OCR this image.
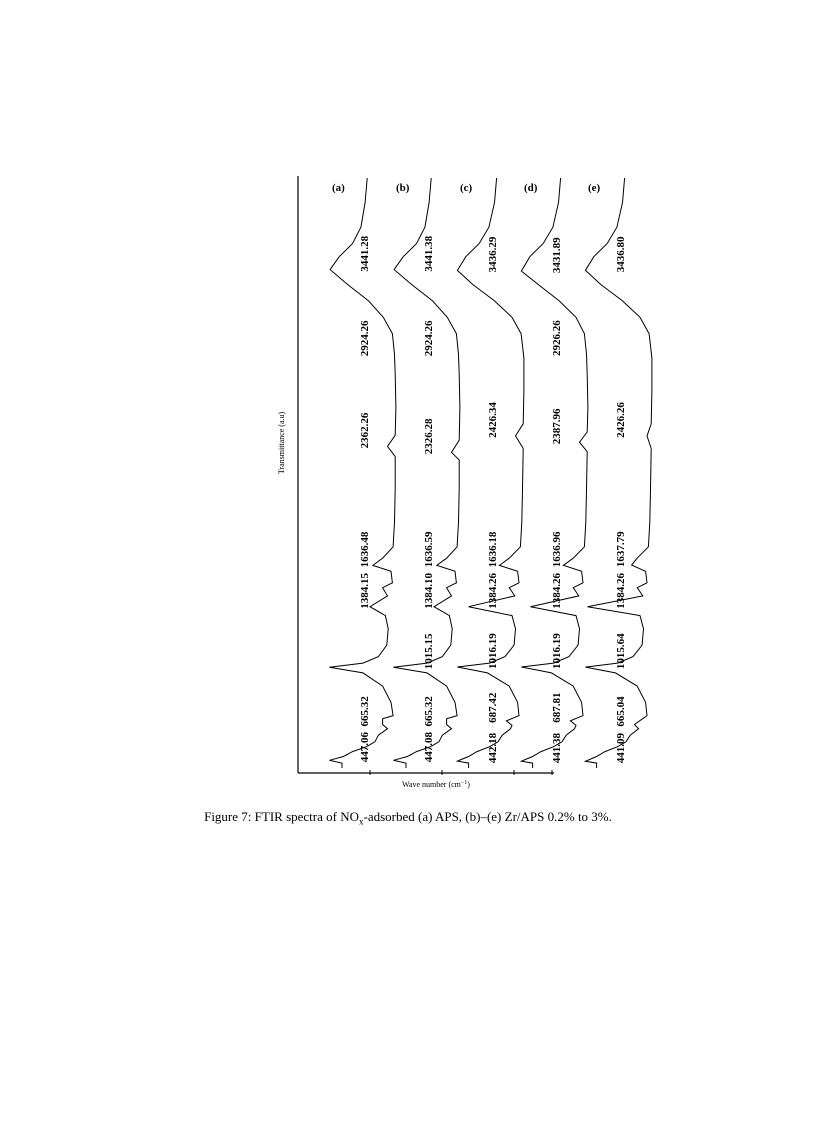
3441.28
2924.26
2362.26
1636.48
1384.15
665.32
447.06
3441.38
2924.26
2326.28
1636.59
1384.10
1015.15
665.32
447.08
3436.29
2426.34
1636.18
1384.26
1016.19
687.42
442.18
3431.89
2926.26
2387.96
1636.96
1384.26
1016.19
687.81
441.38
3436.80
2426.26
1637.79
1384.26
1015.64
665.04
441.09
(a)	(b)	(c)	(d)	(e)
Transmittance (a.u)
Wave number $(cm^{-1})$
Figure 7: FTIR spectra of $NO_x$-adsorbed (a) APS, (b)–(e) Zr/APS 0.2% to 3%.
